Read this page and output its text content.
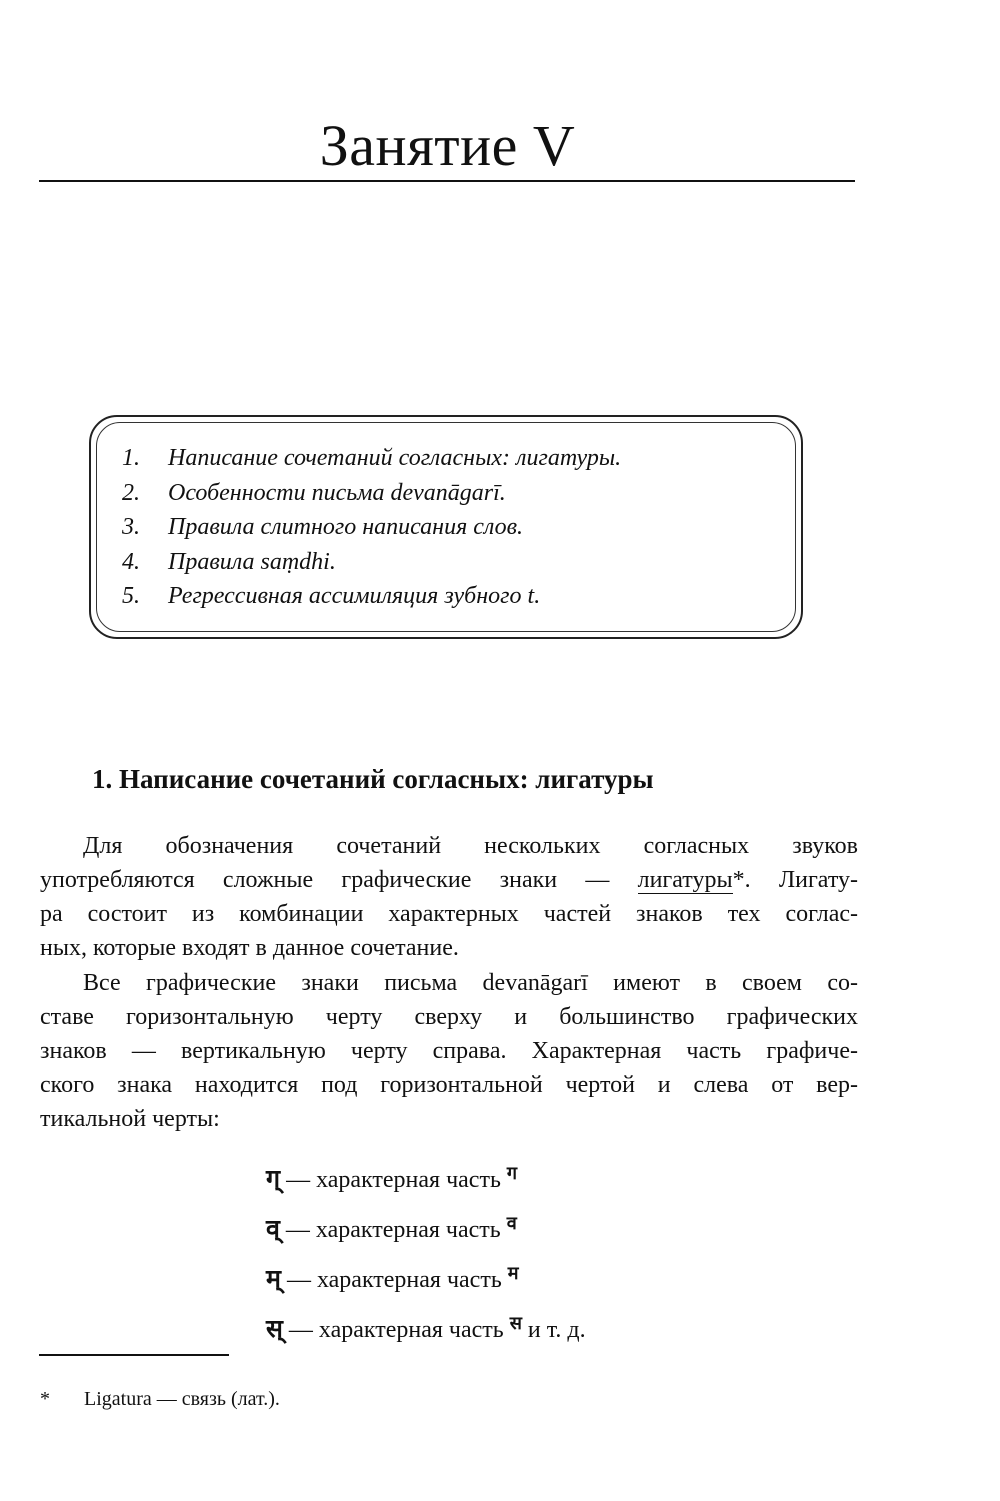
Занятие V
1. Написание сочетаний согласных: лигатуры.
2. Особенности письма devanāgarī.
3. Правила слитного написания слов.
4. Правила saṃdhi.
5. Регрессивная ассимиляция зубного t.
1. Написание сочетаний согласных: лигатуры
Для обозначения сочетаний нескольких согласных звуков
употребляются сложные графические знаки — лигатуры*. Лигату-
ра состоит из комбинации характерных частей знаков тех соглас-
ных, которые входят в данное сочетание.
Все графические знаки письма devanāgarī имеют в своем со-
ставе горизонтальную черту сверху и большинство графических
знаков — вертикальную черту справа. Характерная часть графиче-
ского знака находится под горизонтальной чертой и слева от вер-
тикальной черты:
ग् — характерная часть ग
व् — характерная часть व
म् — характерная часть म
स् — характерная часть स и т. д.
* Ligatura — связь (лат.).
